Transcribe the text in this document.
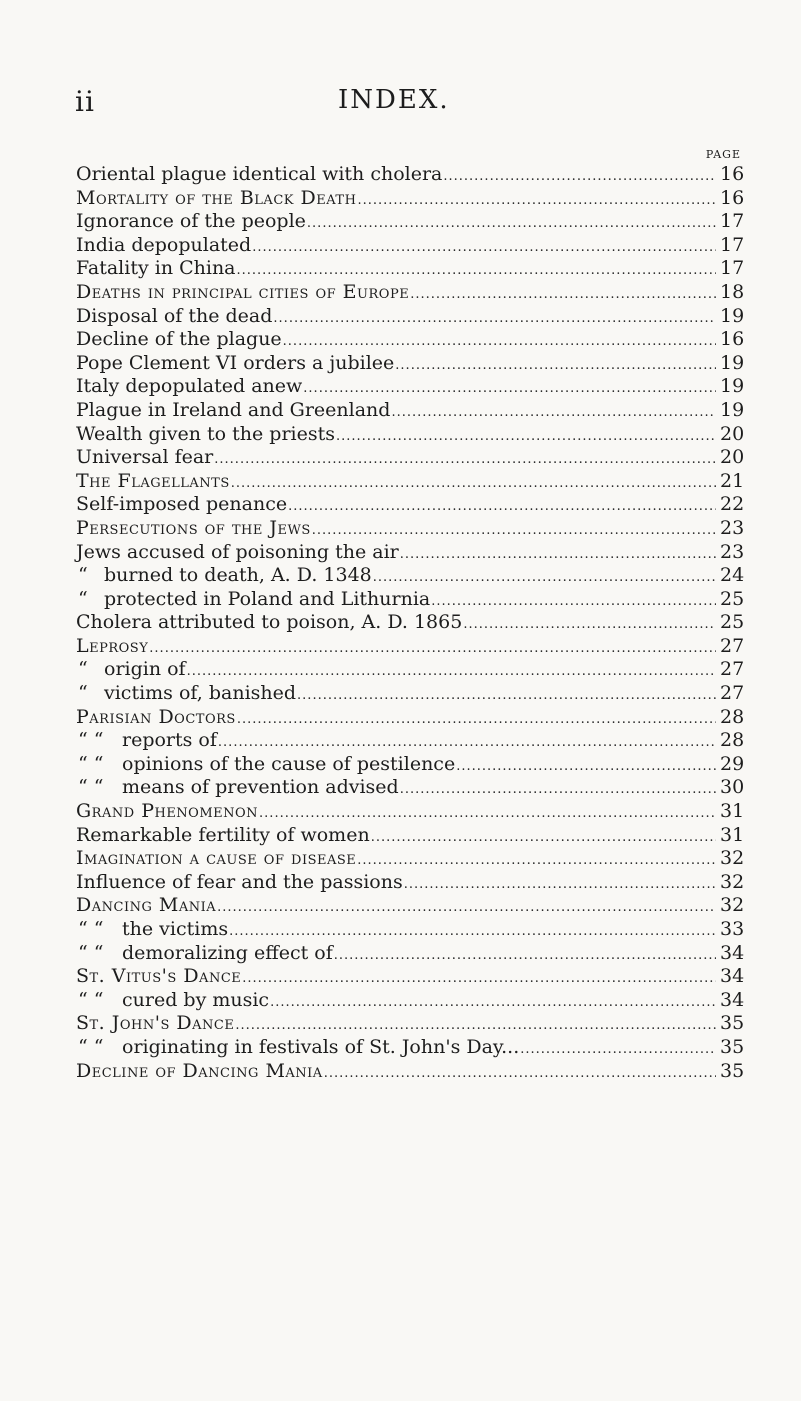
ii	INDEX.
PAGE
Oriental plague identical with cholera .....	16
Mortality of the Black Death .....	16
Ignorance of the people .....	17
India depopulated .....	17
Fatality in China .....	17
Deaths in principal cities of Europe .....	18
Disposal of the dead .....	19
Decline of the plague .....	16
Pope Clement VI orders a jubilee .....	19
Italy depopulated anew .....	19
Plague in Ireland and Greenland .....	19
Wealth given to the priests .....	20
Universal fear .....	20
The Flagellants .....	21
Self-imposed penance .....	22
Persecutions of the Jews .....	23
Jews accused of poisoning the air .....	23
“ burned to death, A. D. 1348 .....	24
“ protected in Poland and Lithurnia .....	25
Cholera attributed to poison, A. D. 1865 .....	25
Leprosy .....	27
“ origin of .....	27
“ victims of, banished .....	27
Parisian Doctors .....	28
“ “ reports of .....	28
“ “ opinions of the cause of pestilence .....	29
“ “ means of prevention advised .....	30
Grand Phenomenon .....	31
Remarkable fertility of women .....	31
Imagination a cause of disease .....	32
Influence of fear and the passions .....	32
Dancing Mania .....	32
“ “ the victims .....	33
“ “ demoralizing effect of .....	34
St. Vitus's Dance .....	34
“ “ cured by music .....	34
St. John's Dance .....	35
“ “ originating in festivals of St. John's Day... .....	35
Decline of Dancing Mania .....	35
